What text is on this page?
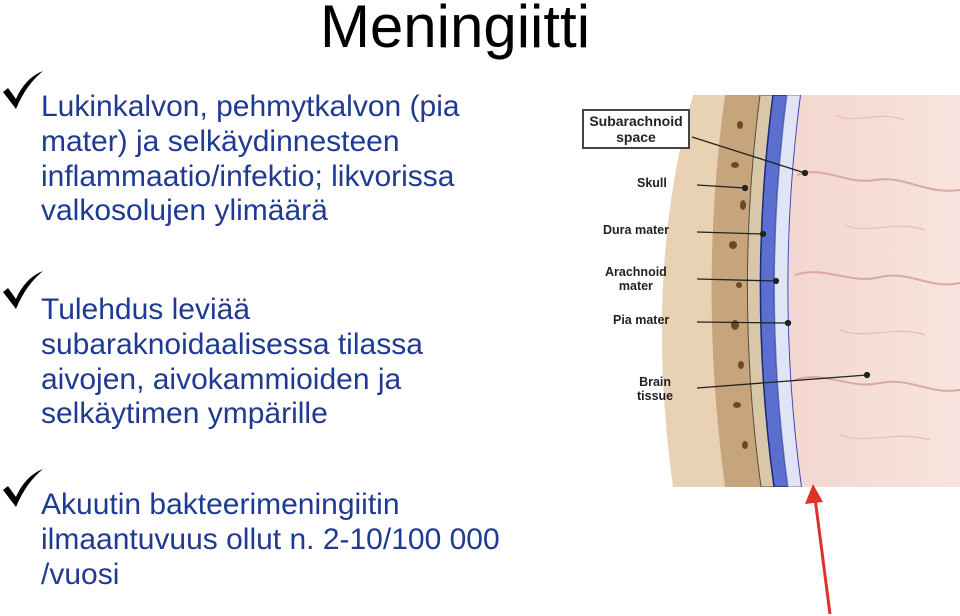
Meningiitti
Lukinkalvon, pehmytkalvon (pia
mater) ja selkäydinnesteen
inflammaatio/infektio; likvorissa
valkosolujen ylimäärä
Tulehdus leviää
subaraknoidaalisessa tilassa
aivojen, aivokammioiden ja
selkäytimen ympärille
Akuutin bakteerimeningiitin
ilmaantuvuus ollut n. 2-10/100 000
/vuosi
Subarachnoid
space
Skull
Dura mater
Arachnoid
mater
Pia mater
Brain
tissue
